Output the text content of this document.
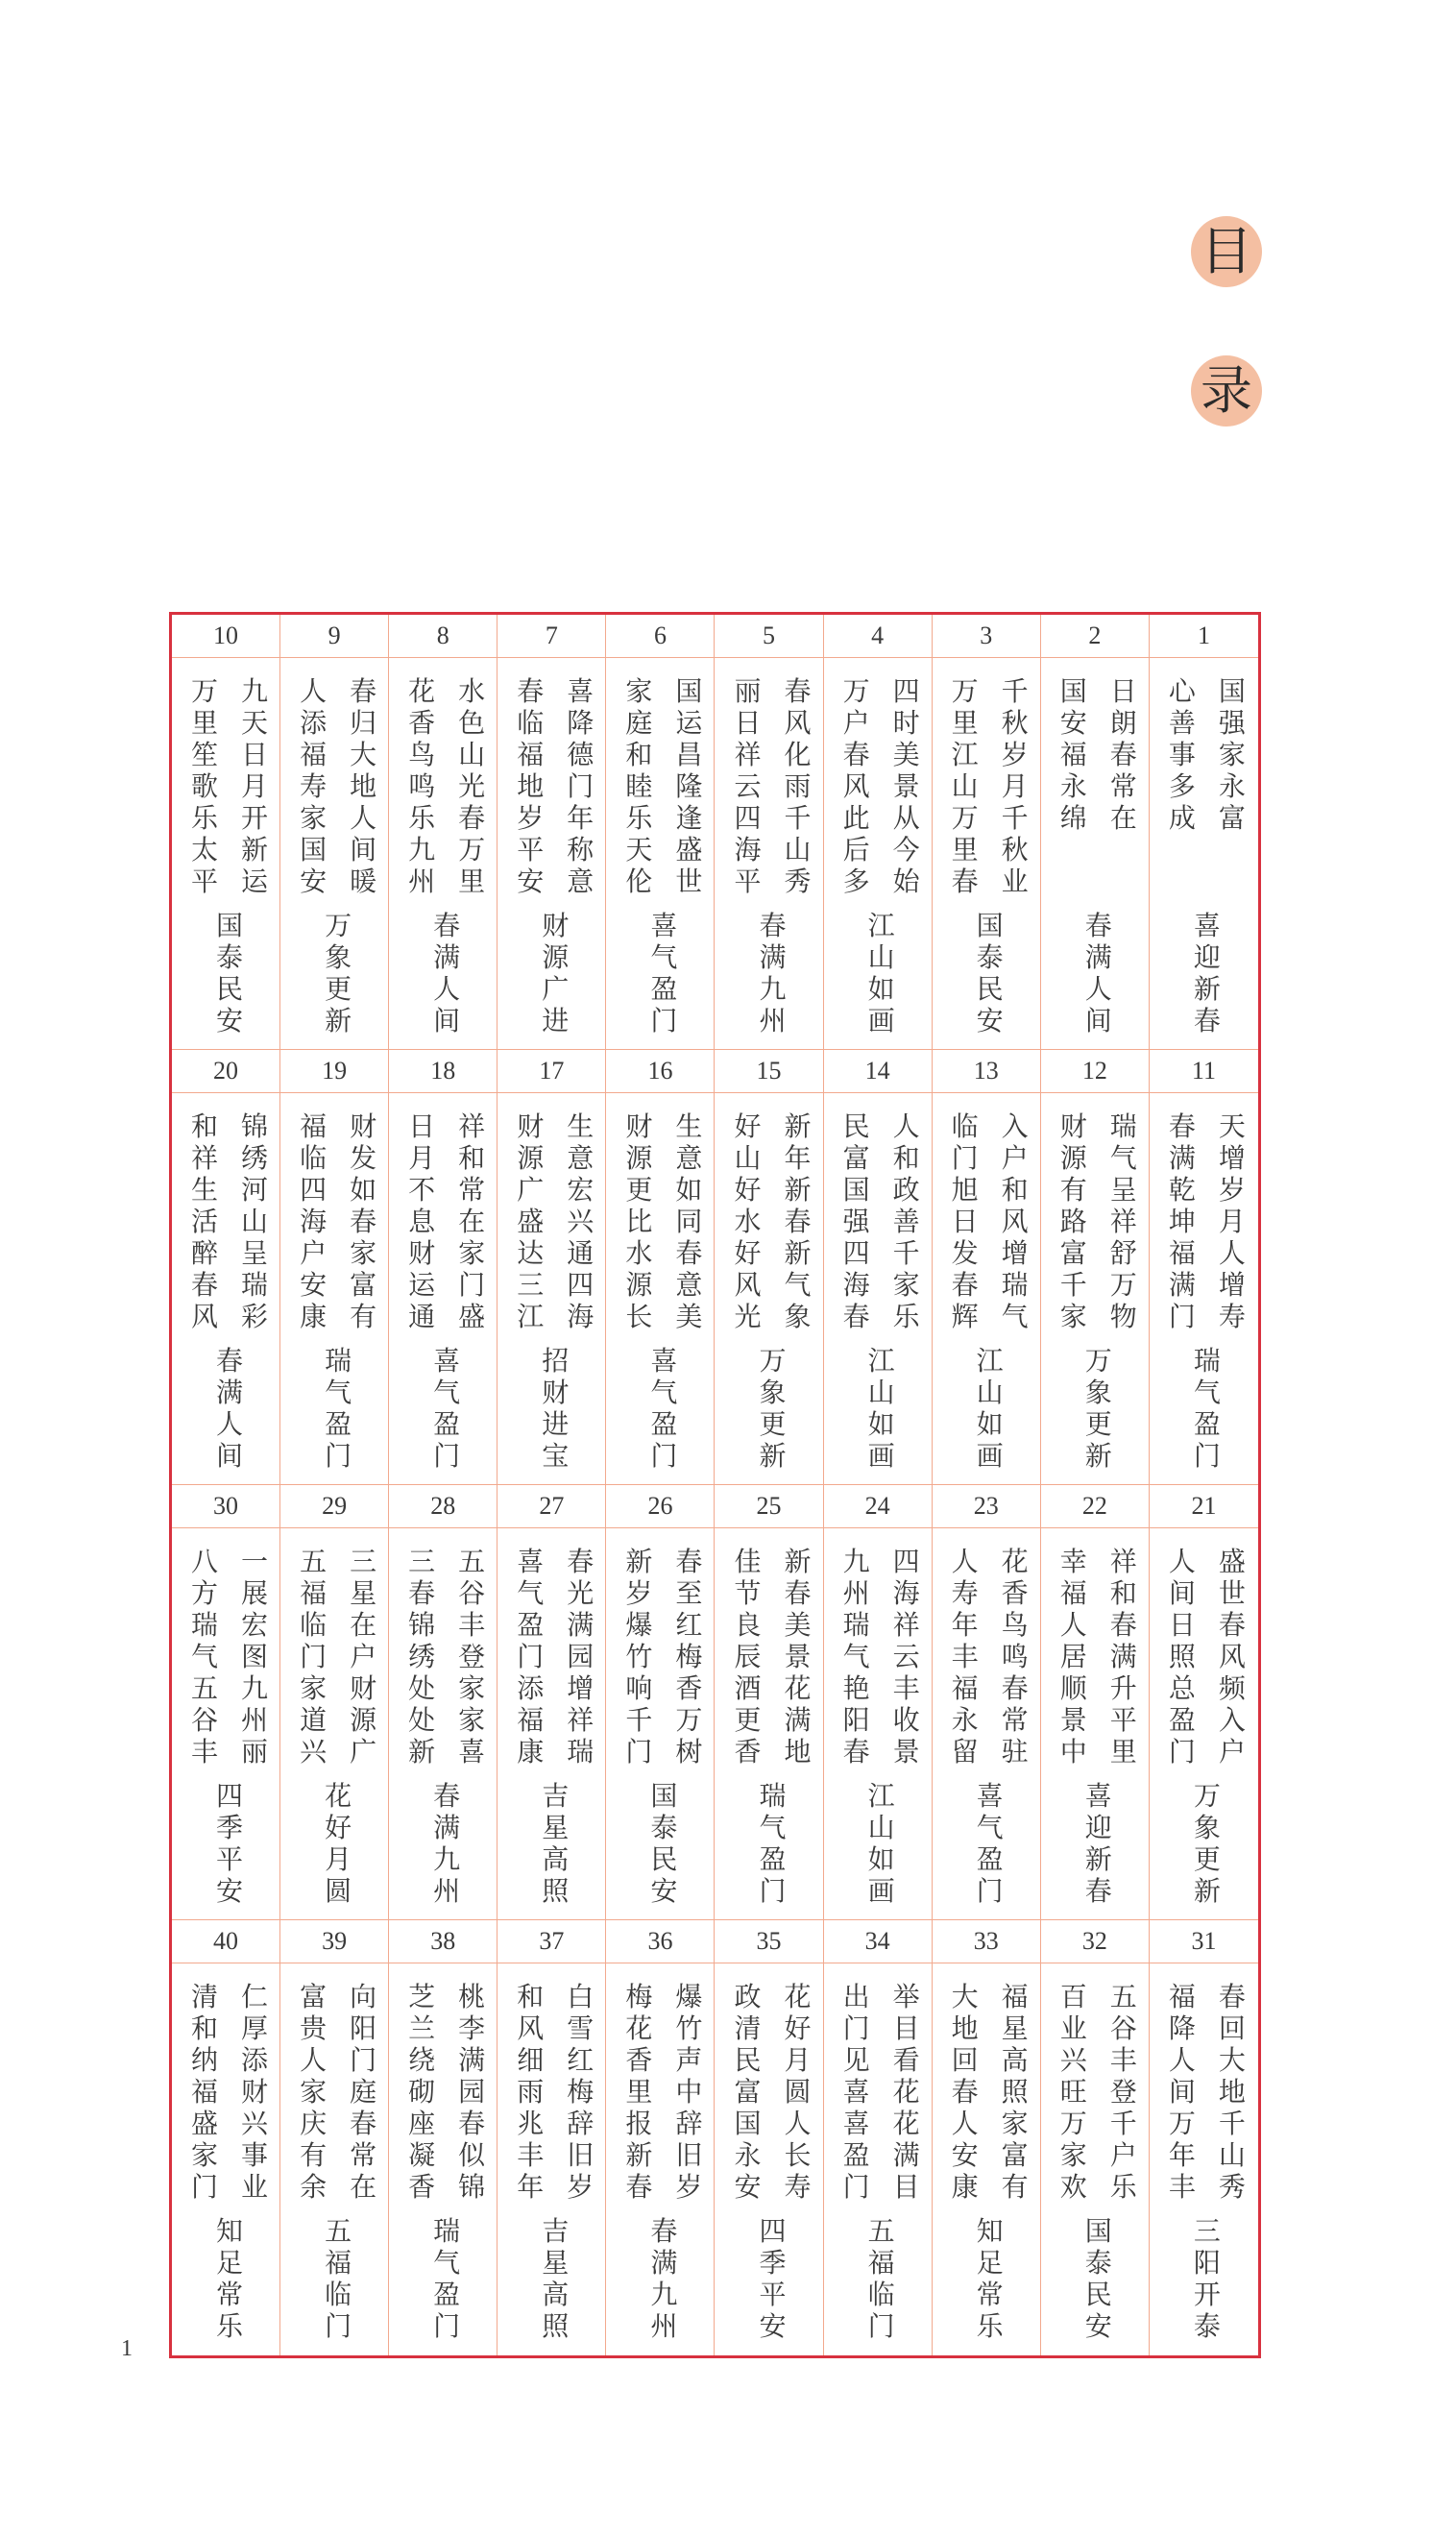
目
录
10
九天日月开新运
万里笙歌乐太平
国泰民安
9
春归大地人间暖
人添福寿家国安
万象更新
8
水色山光春万里
花香鸟鸣乐九州
春满人间
7
喜降德门年称意
春临福地岁平安
财源广进
6
国运昌隆逢盛世
家庭和睦乐天伦
喜气盈门
5
春风化雨千山秀
丽日祥云四海平
春满九州
4
四时美景从今始
万户春风此后多
江山如画
3
千秋岁月千秋业
万里江山万里春
国泰民安
2
日朗春常在
国安福永绵
春满人间
1
国强家永富
心善事多成
喜迎新春
20
锦绣河山呈瑞彩
和祥生活醉春风
春满人间
19
财发如春家富有
福临四海户安康
瑞气盈门
18
祥和常在家门盛
日月不息财运通
喜气盈门
17
生意宏兴通四海
财源广盛达三江
招财进宝
16
生意如同春意美
财源更比水源长
喜气盈门
15
新年新春新气象
好山好水好风光
万象更新
14
人和政善千家乐
民富国强四海春
江山如画
13
入户和风增瑞气
临门旭日发春辉
江山如画
12
瑞气呈祥舒万物
财源有路富千家
万象更新
11
天增岁月人增寿
春满乾坤福满门
瑞气盈门
30
一展宏图九州丽
八方瑞气五谷丰
四季平安
29
三星在户财源广
五福临门家道兴
花好月圆
28
五谷丰登家家喜
三春锦绣处处新
春满九州
27
春光满园增祥瑞
喜气盈门添福康
吉星高照
26
春至红梅香万树
新岁爆竹响千门
国泰民安
25
新春美景花满地
佳节良辰酒更香
瑞气盈门
24
四海祥云丰收景
九州瑞气艳阳春
江山如画
23
花香鸟鸣春常驻
人寿年丰福永留
喜气盈门
22
祥和春满升平里
幸福人居顺景中
喜迎新春
21
盛世春风频入户
人间日照总盈门
万象更新
40
仁厚添财兴事业
清和纳福盛家门
知足常乐
39
向阳门庭春常在
富贵人家庆有余
五福临门
38
桃李满园春似锦
芝兰绕砌座凝香
瑞气盈门
37
白雪红梅辞旧岁
和风细雨兆丰年
吉星高照
36
爆竹声中辞旧岁
梅花香里报新春
春满九州
35
花好月圆人长寿
政清民富国永安
四季平安
34
举目看花花满目
出门见喜喜盈门
五福临门
33
福星高照家富有
大地回春人安康
知足常乐
32
五谷丰登千户乐
百业兴旺万家欢
国泰民安
31
春回大地千山秀
福降人间万年丰
三阳开泰
1
